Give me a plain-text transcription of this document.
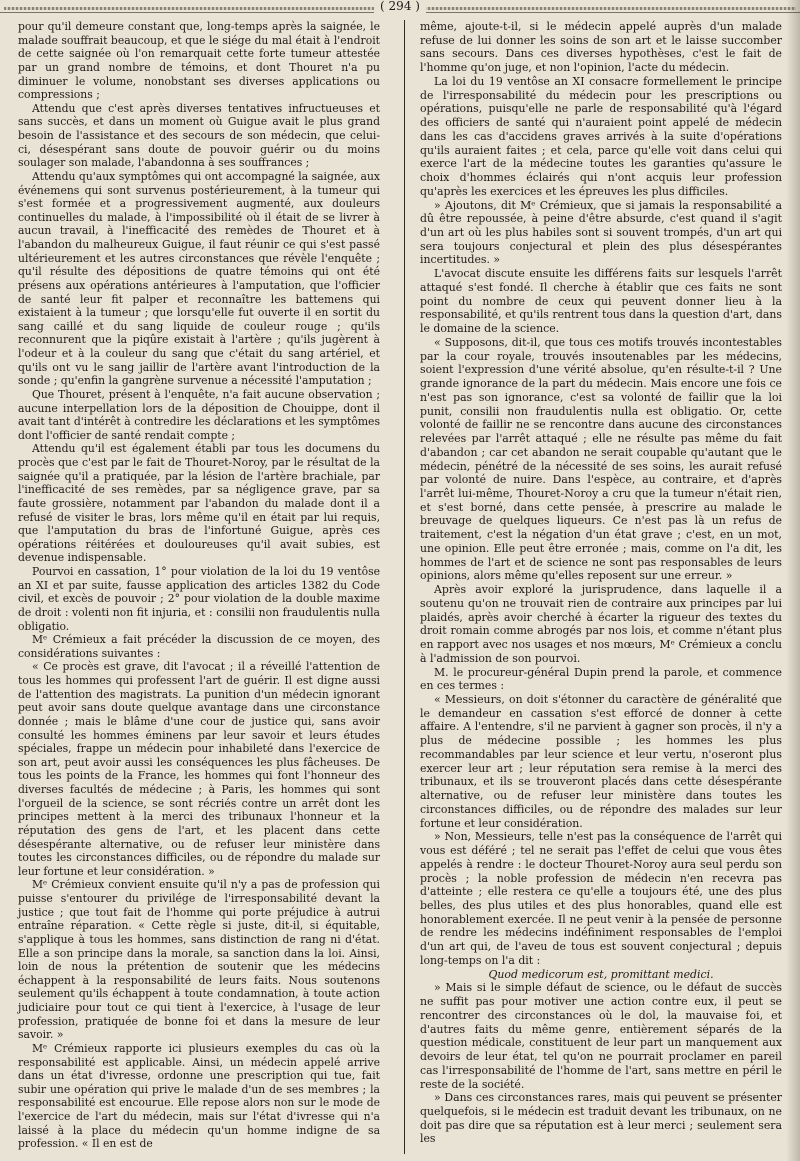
( 294 )

pour qu'il demeure constant que, long-temps après la saignée, le malade souffrait beaucoup, et que le siége du mal était à l'endroit de cette saignée où l'on remarquait cette forte tumeur attestée par un grand nombre de témoins, et dont Thouret n'a pu diminuer le volume, nonobstant ses diverses applications ou compressions ;

Attendu que c'est après diverses tentatives infructueuses et sans succès, et dans un moment où Guigue avait le plus grand besoin de l'assistance et des secours de son médecin, que celui-ci, désespérant sans doute de pouvoir guérir ou du moins soulager son malade, l'abandonna à ses souffrances ;

Attendu qu'aux symptômes qui ont accompagné la saignée, aux événemens qui sont survenus postérieurement, à la tumeur qui s'est formée et a progressivement augmenté, aux douleurs continuelles du malade, à l'impossibilité où il était de se livrer à aucun travail, à l'inefficacité des remèdes de Thouret et à l'abandon du malheureux Guigue, il faut réunir ce qui s'est passé ultérieurement et les autres circonstances que révèle l'enquête ; qu'il résulte des dépositions de quatre témoins qui ont été présens aux opérations antérieures à l'amputation, que l'officier de santé leur fit palper et reconnaître les battemens qui existaient à la tumeur ; que lorsqu'elle fut ouverte il en sortit du sang caillé et du sang liquide de couleur rouge ; qu'ils reconnurent que la piqûre existait à l'artère ; qu'ils jugèrent à l'odeur et à la couleur du sang que c'était du sang artériel, et qu'ils ont vu le sang jaillir de l'artère avant l'introduction de la sonde ; qu'enfin la gangrène survenue a nécessité l'amputation ;

Que Thouret, présent à l'enquête, n'a fait aucune observation ; aucune interpellation lors de la déposition de Chouippe, dont il avait tant d'intérêt à contredire les déclarations et les symptômes dont l'officier de santé rendait compte ;

Attendu qu'il est également établi par tous les documens du procès que c'est par le fait de Thouret-Noroy, par le résultat de la saignée qu'il a pratiquée, par la lésion de l'artère brachiale, par l'inefficacité de ses remèdes, par sa négligence grave, par sa faute grossière, notamment par l'abandon du malade dont il a refusé de visiter le bras, lors même qu'il en était par lui requis, que l'amputation du bras de l'infortuné Guigue, après ces opérations réitérées et douloureuses qu'il avait subies, est devenue indispensable.

Pourvoi en cassation, 1° pour violation de la loi du 19 ventôse an XI et par suite, fausse application des articles 1382 du Code civil, et excès de pouvoir ; 2° pour violation de la double maxime de droit : volenti non fit injuria, et : consilii non fraudulentis nulla obligatio.

Mᵉ Crémieux a fait précéder la discussion de ce moyen, des considérations suivantes :

« Ce procès est grave, dit l'avocat ; il a réveillé l'attention de tous les hommes qui professent l'art de guérir. Il est digne aussi de l'attention des magistrats. La punition d'un médecin ignorant peut avoir sans doute quelque avantage dans une circonstance donnée ; mais le blâme d'une cour de justice qui, sans avoir consulté les hommes éminens par leur savoir et leurs études spéciales, frappe un médecin pour inhabileté dans l'exercice de son art, peut avoir aussi les conséquences les plus fâcheuses. De tous les points de la France, les hommes qui font l'honneur des diverses facultés de médecine ; à Paris, les hommes qui sont l'orgueil de la science, se sont récriés contre un arrêt dont les principes mettent à la merci des tribunaux l'honneur et la réputation des gens de l'art, et les placent dans cette désespérante alternative, ou de refuser leur ministère dans toutes les circonstances difficiles, ou de répondre du malade sur leur fortune et leur considération. »

Mᵉ Crémieux convient ensuite qu'il n'y a pas de profession qui puisse s'entourer du privilége de l'irresponsabilité devant la justice ; que tout fait de l'homme qui porte préjudice à autrui entraîne réparation. « Cette règle si juste, dit-il, si équitable, s'applique à tous les hommes, sans distinction de rang ni d'état. Elle a son principe dans la morale, sa sanction dans la loi. Ainsi, loin de nous la prétention de soutenir que les médecins échappent à la responsabilité de leurs faits. Nous soutenons seulement qu'ils échappent à toute condamnation, à toute action judiciaire pour tout ce qui tient à l'exercice, à l'usage de leur profession, pratiquée de bonne foi et dans la mesure de leur savoir. »

Mᵉ Crémieux rapporte ici plusieurs exemples du cas où la responsabilité est applicable. Ainsi, un médecin appelé arrive dans un état d'ivresse, ordonne une prescription qui tue, fait subir une opération qui prive le malade d'un de ses membres ; la responsabilité est encourue. Elle repose alors non sur le mode de l'exercice de l'art du médecin, mais sur l'état d'ivresse qui n'a laissé à la place du médecin qu'un homme indigne de sa profession. « Il en est de

même, ajoute-t-il, si le médecin appelé auprès d'un malade refuse de lui donner les soins de son art et le laisse succomber sans secours. Dans ces diverses hypothèses, c'est le fait de l'homme qu'on juge, et non l'opinion, l'acte du médecin.

La loi du 19 ventôse an XI consacre formellement le principe de l'irresponsabilité du médecin pour les prescriptions ou opérations, puisqu'elle ne parle de responsabilité qu'à l'égard des officiers de santé qui n'auraient point appelé de médecin dans les cas d'accidens graves arrivés à la suite d'opérations qu'ils auraient faites ; et cela, parce qu'elle voit dans celui qui exerce l'art de la médecine toutes les garanties qu'assure le choix d'hommes éclairés qui n'ont acquis leur profession qu'après les exercices et les épreuves les plus difficiles.

» Ajoutons, dit Mᵉ Crémieux, que si jamais la responsabilité a dû être repoussée, à peine d'être absurde, c'est quand il s'agit d'un art où les plus habiles sont si souvent trompés, d'un art qui sera toujours conjectural et plein des plus désespérantes incertitudes. »

L'avocat discute ensuite les différens faits sur lesquels l'arrêt attaqué s'est fondé. Il cherche à établir que ces faits ne sont point du nombre de ceux qui peuvent donner lieu à la responsabilité, et qu'ils rentrent tous dans la question d'art, dans le domaine de la science.

« Supposons, dit-il, que tous ces motifs trouvés incontestables par la cour royale, trouvés insoutenables par les médecins, soient l'expression d'une vérité absolue, qu'en résulte-t-il ? Une grande ignorance de la part du médecin. Mais encore une fois ce n'est pas son ignorance, c'est sa volonté de faillir que la loi punit, consilii non fraudulentis nulla est obligatio. Or, cette volonté de faillir ne se rencontre dans aucune des circonstances relevées par l'arrêt attaqué ; elle ne résulte pas même du fait d'abandon ; car cet abandon ne serait coupable qu'autant que le médecin, pénétré de la nécessité de ses soins, les aurait refusé par volonté de nuire. Dans l'espèce, au contraire, et d'après l'arrêt lui-même, Thouret-Noroy a cru que la tumeur n'était rien, et s'est borné, dans cette pensée, à prescrire au malade le breuvage de quelques liqueurs. Ce n'est pas là un refus de traitement, c'est la négation d'un état grave ; c'est, en un mot, une opinion. Elle peut être erronée ; mais, comme on l'a dit, les hommes de l'art et de science ne sont pas responsables de leurs opinions, alors même qu'elles reposent sur une erreur. »

Après avoir exploré la jurisprudence, dans laquelle il a soutenu qu'on ne trouvait rien de contraire aux principes par lui plaidés, après avoir cherché à écarter la rigueur des textes du droit romain comme abrogés par nos lois, et comme n'étant plus en rapport avec nos usages et nos mœurs, Mᵉ Crémieux a conclu à l'admission de son pourvoi.

M. le procureur-général Dupin prend la parole, et commence en ces termes :

« Messieurs, on doit s'étonner du caractère de généralité que le demandeur en cassation s'est efforcé de donner à cette affaire. A l'entendre, s'il ne parvient à gagner son procès, il n'y a plus de médecine possible ; les hommes les plus recommandables par leur science et leur vertu, n'oseront plus exercer leur art ; leur réputation sera remise à la merci des tribunaux, et ils se trouveront placés dans cette désespérante alternative, ou de refuser leur ministère dans toutes les circonstances difficiles, ou de répondre des malades sur leur fortune et leur considération.

» Non, Messieurs, telle n'est pas la conséquence de l'arrêt qui vous est déféré ; tel ne serait pas l'effet de celui que vous êtes appelés à rendre : le docteur Thouret-Noroy aura seul perdu son procès ; la noble profession de médecin n'en recevra pas d'atteinte ; elle restera ce qu'elle a toujours été, une des plus belles, des plus utiles et des plus honorables, quand elle est honorablement exercée. Il ne peut venir à la pensée de personne de rendre les médecins indéfiniment responsables de l'emploi d'un art qui, de l'aveu de tous est souvent conjectural ; depuis long-temps on l'a dit :

Quod medicorum est, promittant medici.

» Mais si le simple défaut de science, ou le défaut de succès ne suffit pas pour motiver une action contre eux, il peut se rencontrer des circonstances où le dol, la mauvaise foi, et d'autres faits du même genre, entièrement séparés de la question médicale, constituent de leur part un manquement aux devoirs de leur état, tel qu'on ne pourrait proclamer en pareil cas l'irresponsabilité de l'homme de l'art, sans mettre en péril le reste de la société.

» Dans ces circonstances rares, mais qui peuvent se présenter quelquefois, si le médecin est traduit devant les tribunaux, on ne doit pas dire que sa réputation est à leur merci ; seulement sera les
